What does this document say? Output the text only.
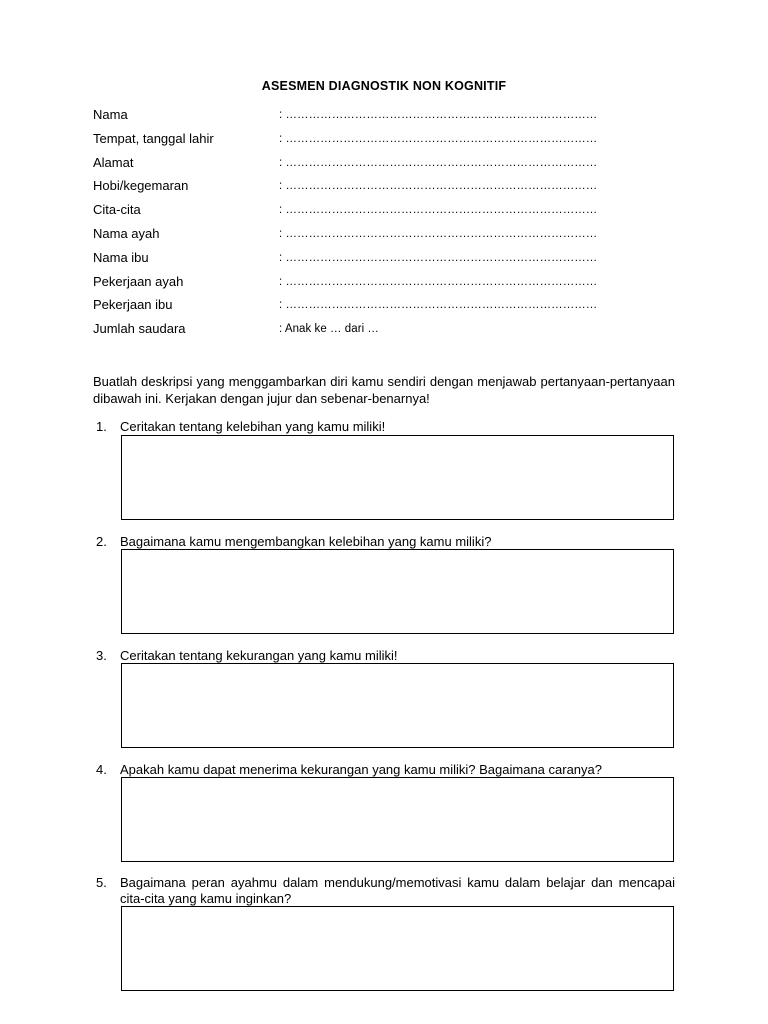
ASESMEN DIAGNOSTIK NON KOGNITIF
Nama	: ………………………………………………………………………
Tempat, tanggal lahir	: ………………………………………………………………………
Alamat	: ………………………………………………………………………
Hobi/kegemaran	: ………………………………………………………………………
Cita-cita	: ………………………………………………………………………
Nama ayah	: ………………………………………………………………………
Nama ibu	: ………………………………………………………………………
Pekerjaan ayah	: ………………………………………………………………………
Pekerjaan ibu	: ………………………………………………………………………
Jumlah saudara	: Anak ke … dari …
Buatlah deskripsi yang menggambarkan diri kamu sendiri dengan menjawab pertanyaan-pertanyaan dibawah ini. Kerjakan dengan jujur dan sebenar-benarnya!
1. Ceritakan tentang kelebihan yang kamu miliki!
2. Bagaimana kamu mengembangkan kelebihan yang kamu miliki?
3. Ceritakan tentang kekurangan yang kamu miliki!
4. Apakah kamu dapat menerima kekurangan yang kamu miliki? Bagaimana caranya?
5. Bagaimana peran ayahmu dalam mendukung/memotivasi kamu dalam belajar dan mencapai cita-cita yang kamu inginkan?
